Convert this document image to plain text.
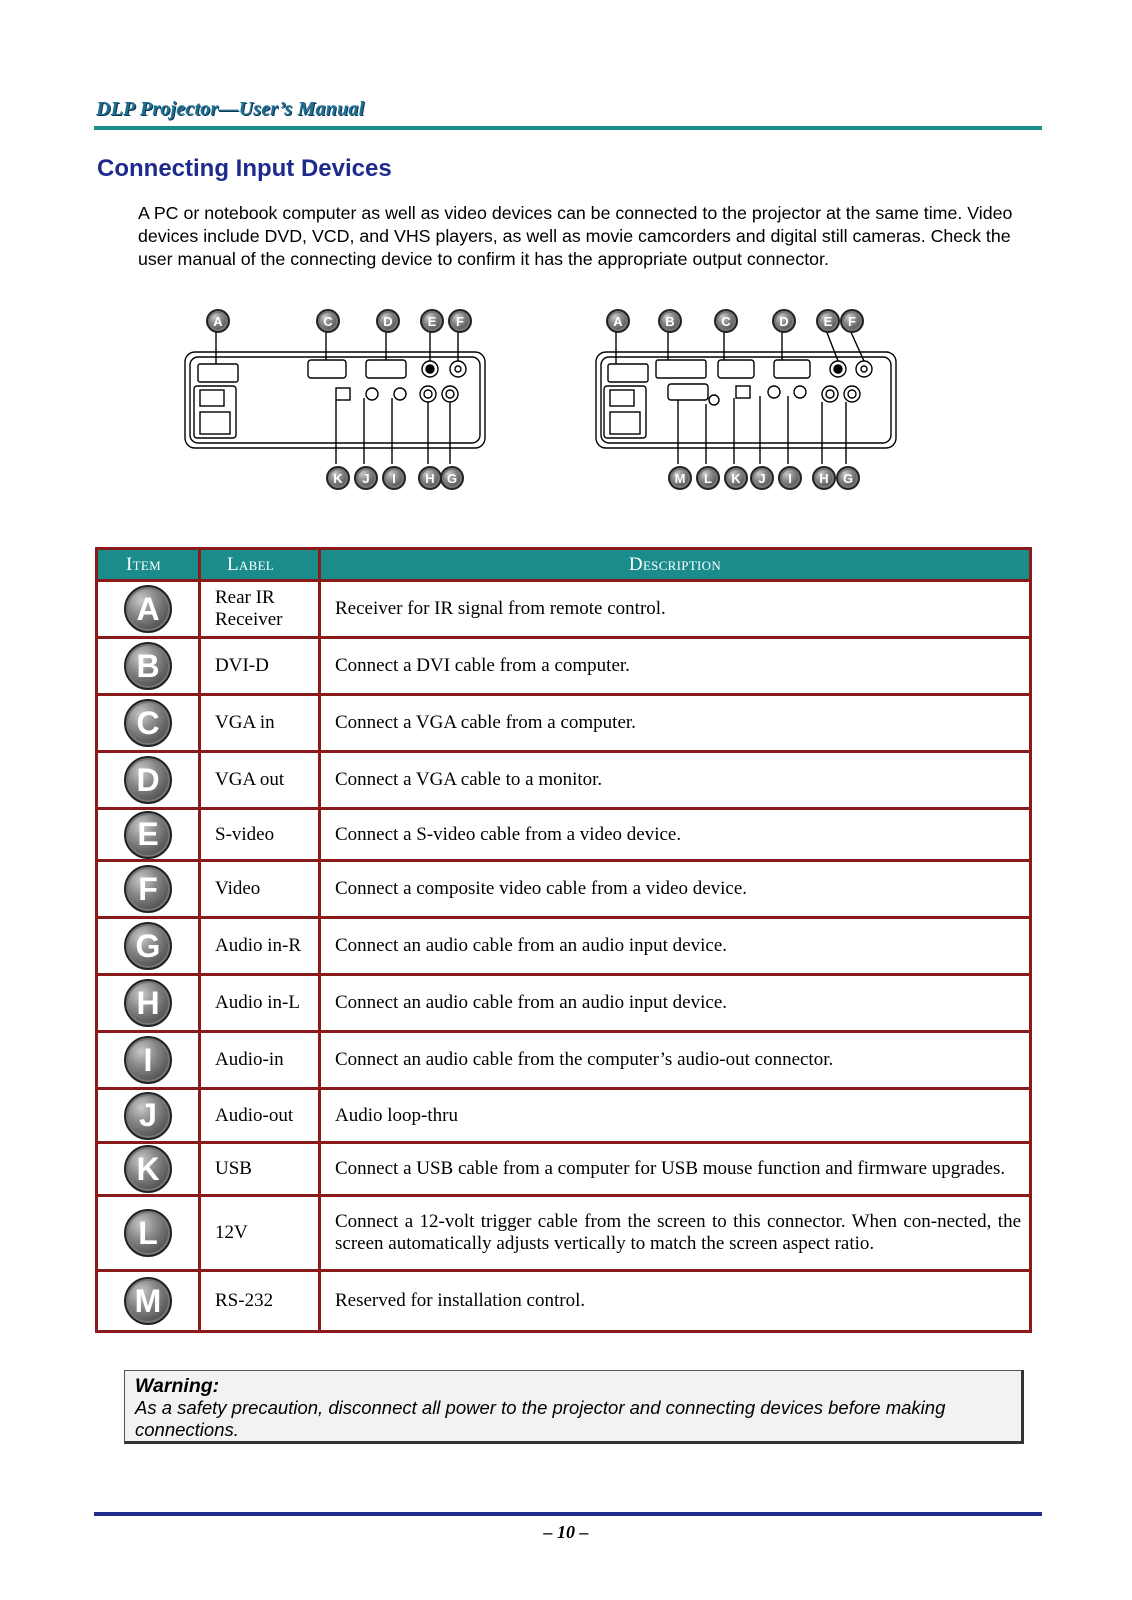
DLP Projector—User’s Manual
Connecting Input Devices
A PC or notebook computer as well as video devices can be connected to the projector at the same time. Video devices include DVD, VCD, and VHS players, as well as movie camcorders and digital still cameras. Check the user manual of the connecting device to confirm it has the appropriate output connector.
A	C	D	E	F
K	J	I	H G
A	B	C	D	E	F
M	L	K	J	I	H	G
Item	Label	Description
A	Rear IR Receiver	Receiver for IR signal from remote control.
B	DVI-D	Connect a DVI cable from a computer.
C	VGA in	Connect a VGA cable from a computer.
D	VGA out	Connect a VGA cable to a monitor.
E	S-video	Connect a S-video cable from a video device.
F	Video	Connect a composite video cable from a video device.
G	Audio in-R	Connect an audio cable from an audio input device.
H	Audio in-L	Connect an audio cable from an audio input device.
I	Audio-in	Connect an audio cable from the computer’s audio-out connector.
J	Audio-out	Audio loop-thru
K	USB	Connect a USB cable from a computer for USB mouse function and firmware upgrades.
L	12V	Connect a 12-volt trigger cable from the screen to this connector. When con-nected, the screen automatically adjusts vertically to match the screen aspect ratio.
M	RS-232	Reserved for installation control.
Warning:
As a safety precaution, disconnect all power to the projector and connecting devices before making connections.
– 10 –
